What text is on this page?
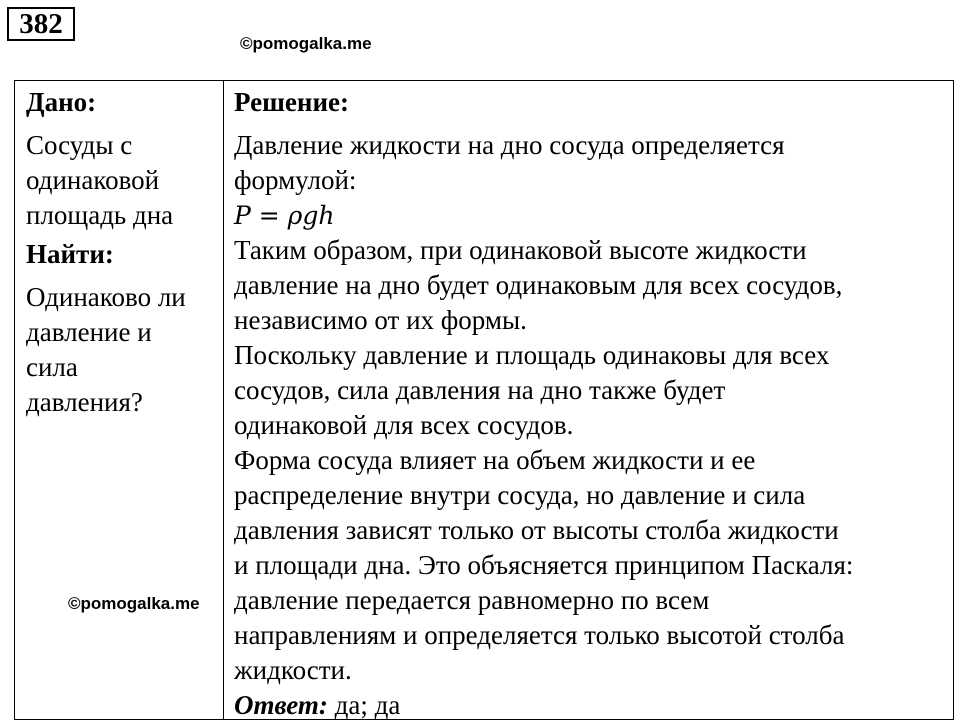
382
©pomogalka.me
Дано:
Сосуды с
одинаковой
площадь дна
Найти:
Одинаково ли
давление и
сила
давления?
Решение:
Давление жидкости на дно сосуда определяется
формулой:
P = ρgh
Таким образом, при одинаковой высоте жидкости
давление на дно будет одинаковым для всех сосудов,
независимо от их формы.
Поскольку давление и площадь одинаковы для всех
сосудов, сила давления на дно также будет
одинаковой для всех сосудов.
Форма сосуда влияет на объем жидкости и ее
распределение внутри сосуда, но давление и сила
давления зависят только от высоты столба жидкости
и площади дна. Это объясняется принципом Паскаля:
давление передается равномерно по всем
направлениям и определяется только высотой столба
жидкости.
Ответ: да; да
©pomogalka.me
